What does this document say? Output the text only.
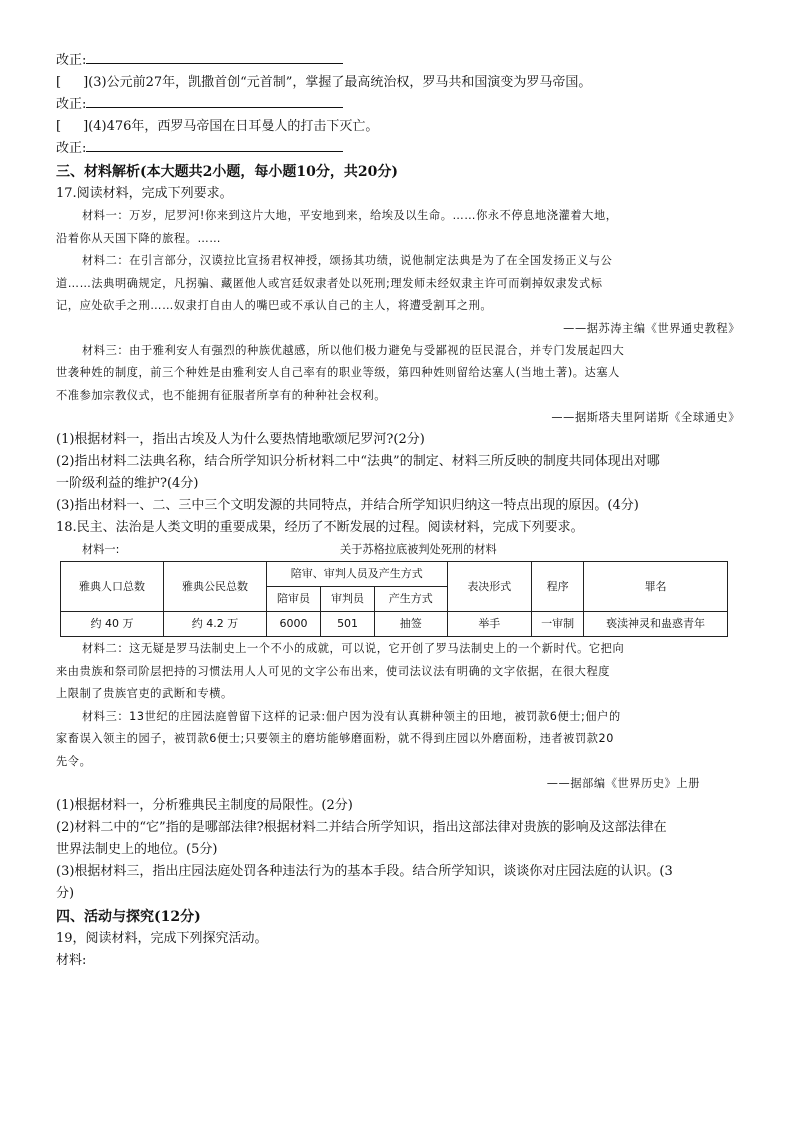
改正:
[ ](3)公元前27年，凯撒首创“元首制”，掌握了最高统治权，罗马共和国演变为罗马帝国。
改正:
[ ](4)476年，西罗马帝国在日耳曼人的打击下灭亡。
改正:
三、材料解析(本大题共2小题，每小题10分，共20分)
17.阅读材料，完成下列要求。
材料一：万岁，尼罗河!你来到这片大地，平安地到来，给埃及以生命。……你永不停息地浇灌着大地，
沿着你从天国下降的旅程。……
材料二：在引言部分，汉谟拉比宣扬君权神授，颂扬其功绩，说他制定法典是为了在全国发扬正义与公
道……法典明确规定，凡拐骗、藏匿他人或宫廷奴隶者处以死刑;理发师未经奴隶主许可而剃掉奴隶发式标
记，应处砍手之刑……奴隶打自由人的嘴巴或不承认自己的主人，将遭受割耳之刑。
——据苏涛主编《世界通史教程》
材料三：由于雅利安人有强烈的种族优越感，所以他们极力避免与受鄙视的臣民混合，并专门发展起四大
世袭种姓的制度，前三个种姓是由雅利安人自己率有的职业等级，第四种姓则留给达塞人(当地土著)。达塞人
不准参加宗教仪式，也不能拥有征服者所享有的种种社会权利。
——据斯塔夫里阿诺斯《全球通史》
(1)根据材料一，指出古埃及人为什么要热情地歌颂尼罗河?(2分)
(2)指出材料二法典名称，结合所学知识分析材料二中“法典”的制定、材料三所反映的制度共同体现出对哪
一阶级利益的维护?(4分)
(3)指出材料一、二、三中三个文明发源的共同特点，并结合所学知识归纳这一特点出现的原因。(4分)
18.民主、法治是人类文明的重要成果，经历了不断发展的过程。阅读材料，完成下列要求。
材料一:	关于苏格拉底被判处死刑的材料
雅典人口总数	雅典公民总数	陪审、审判人员及产生方式			表决形式	程序	罪名
		陪审员	审判员	产生方式			
约 40 万	约 4.2 万	6000	501	抽签	举手	一审制	亵渎神灵和蛊惑青年
材料二：这无疑是罗马法制史上一个不小的成就，可以说，它开创了罗马法制史上的一个新时代。它把向
来由贵族和祭司阶层把持的习惯法用人人可见的文字公布出来，使司法议法有明确的文字依据，在很大程度
上限制了贵族官吏的武断和专横。
材料三：13世纪的庄园法庭曾留下这样的记录:佃户因为没有认真耕种领主的田地，被罚款6便士;佃户的
家畜误入领主的园子，被罚款6便士;只要领主的磨坊能够磨面粉，就不得到庄园以外磨面粉，违者被罚款20
先令。
——据部编《世界历史》上册
(1)根据材料一，分析雅典民主制度的局限性。(2分)
(2)材料二中的“它”指的是哪部法律?根据材料二并结合所学知识，指出这部法律对贵族的影响及这部法律在
世界法制史上的地位。(5分)
(3)根据材料三，指出庄园法庭处罚各种违法行为的基本手段。结合所学知识，谈谈你对庄园法庭的认识。(3
分)
四、活动与探究(12分)
19，阅读材料，完成下列探究活动。
材料:
